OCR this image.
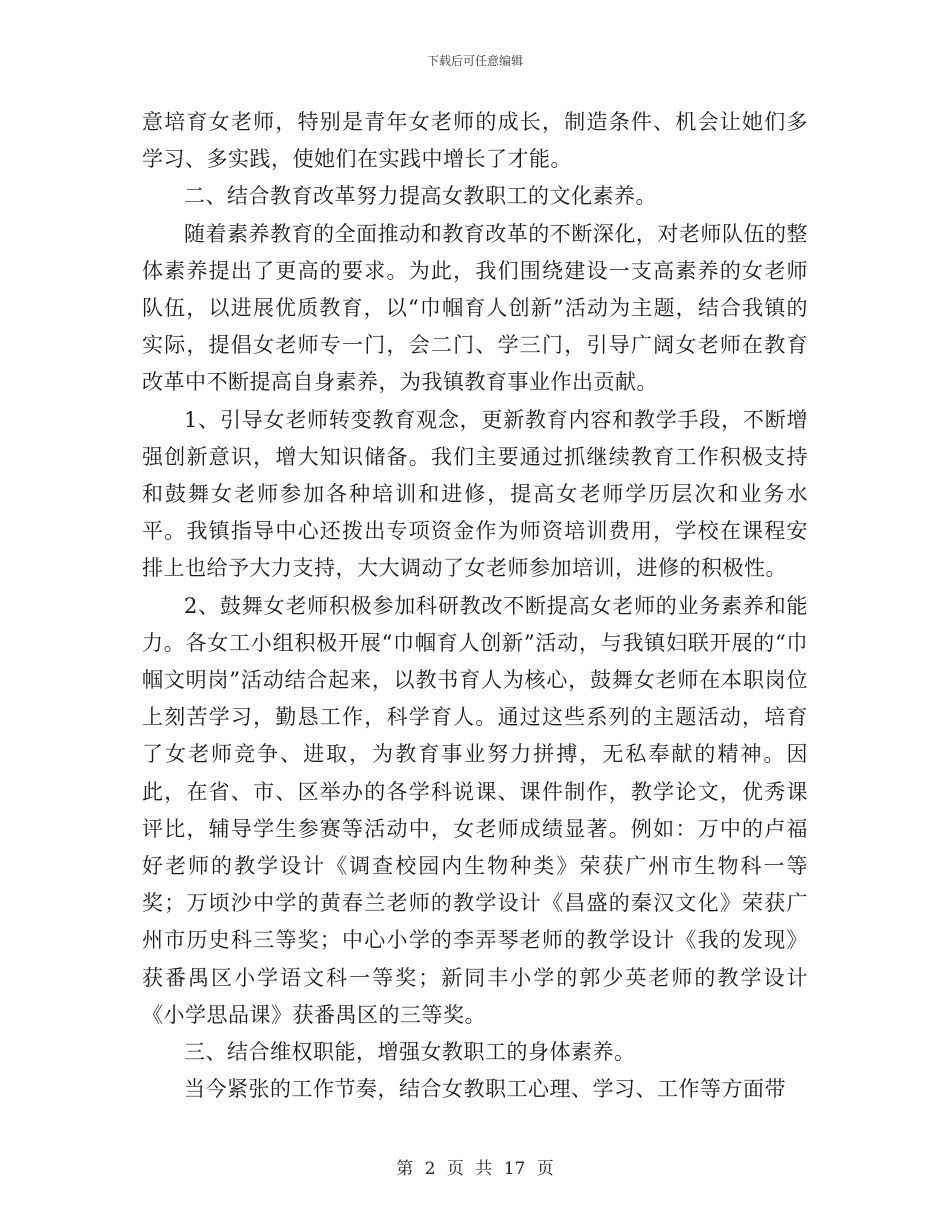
下载后可任意编辑

意培育女老师，特别是青年女老师的成长，制造条件、机会让她们多学习、多实践，使她们在实践中增长了才能。

二、结合教育改革努力提高女教职工的文化素养。

随着素养教育的全面推动和教育改革的不断深化，对老师队伍的整体素养提出了更高的要求。为此，我们围绕建设一支高素养的女老师队伍，以进展优质教育，以“巾帼育人创新”活动为主题，结合我镇的实际，提倡女老师专一门，会二门、学三门，引导广阔女老师在教育改革中不断提高自身素养，为我镇教育事业作出贡献。

1、引导女老师转变教育观念，更新教育内容和教学手段，不断增强创新意识，增大知识储备。我们主要通过抓继续教育工作积极支持和鼓舞女老师参加各种培训和进修，提高女老师学历层次和业务水平。我镇指导中心还拨出专项资金作为师资培训费用，学校在课程安排上也给予大力支持，大大调动了女老师参加培训，进修的积极性。

2、鼓舞女老师积极参加科研教改不断提高女老师的业务素养和能力。各女工小组积极开展“巾帼育人创新”活动，与我镇妇联开展的“巾帼文明岗”活动结合起来，以教书育人为核心，鼓舞女老师在本职岗位上刻苦学习，勤恳工作，科学育人。通过这些系列的主题活动，培育了女老师竞争、进取，为教育事业努力拼搏，无私奉献的精神。因此，在省、市、区举办的各学科说课、课件制作，教学论文，优秀课评比，辅导学生参赛等活动中，女老师成绩显著。例如：万中的卢福好老师的教学设计《调查校园内生物种类》荣获广州市生物科一等奖；万顷沙中学的黄春兰老师的教学设计《昌盛的秦汉文化》荣获广州市历史科三等奖；中心小学的李弄琴老师的教学设计《我的发现》获番禺区小学语文科一等奖；新同丰小学的郭少英老师的教学设计《小学思品课》获番禺区的三等奖。

三、结合维权职能，增强女教职工的身体素养。

当今紧张的工作节奏，结合女教职工心理、学习、工作等方面带

第 2 页 共 17 页
